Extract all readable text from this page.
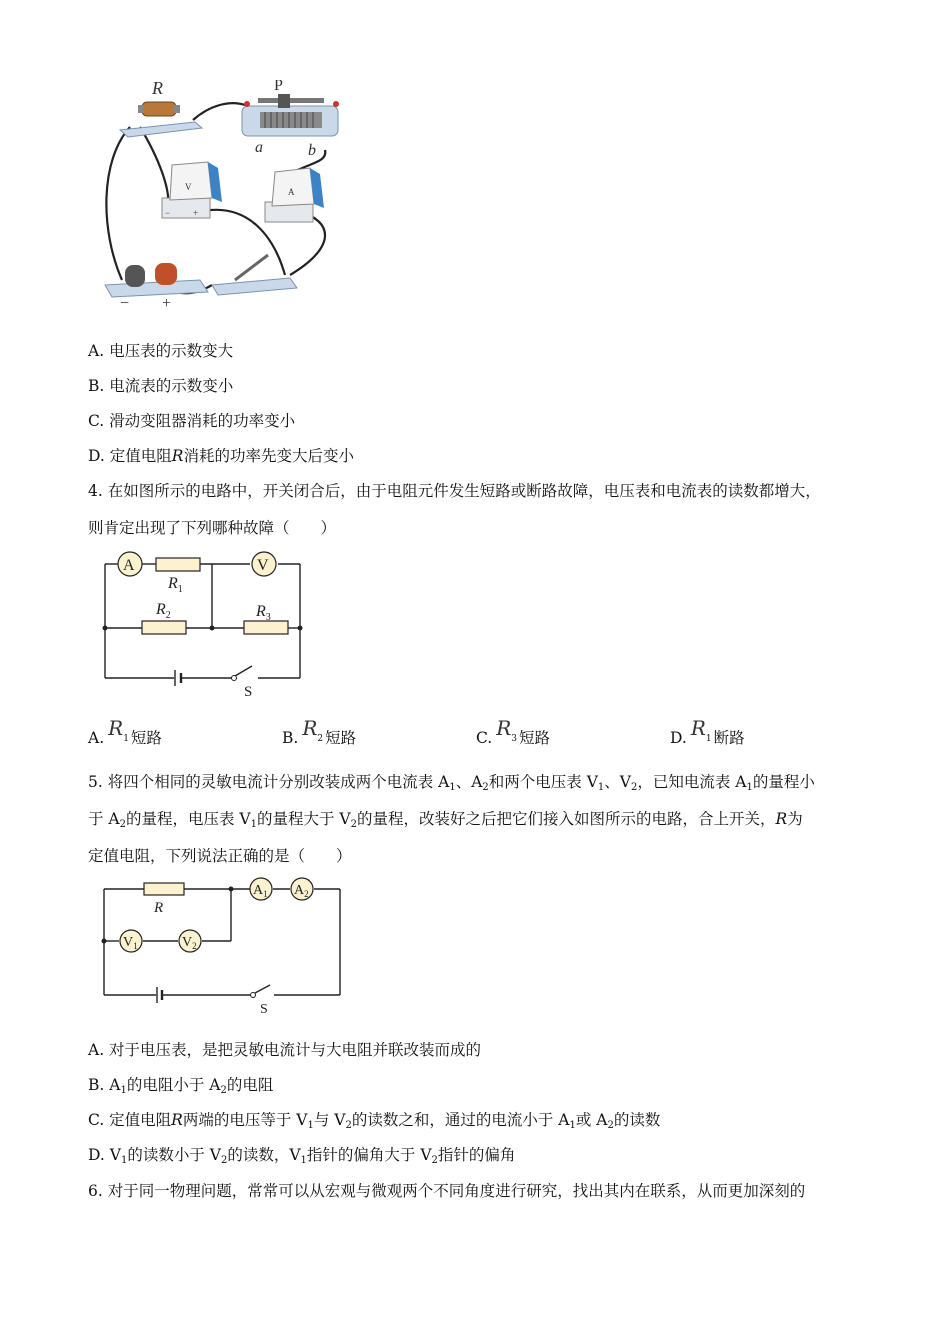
R	P
a	b
V
−	+
A
− +
A. 电压表的示数变大
B. 电流表的示数变小
C. 滑动变阻器消耗的功率变小
D. 定值电阻R消耗的功率先变大后变小
4. 在如图所示的电路中，开关闭合后，由于电阻元件发生短路或断路故障，电压表和电流表的读数都增大，
则肯定出现了下列哪种故障（　　）
A	V
S
$R_1$
$R_2$	$R_3$
A. R1 短路	B. R2 短路	C. R3 短路	D. R1 断路
5. 将四个相同的灵敏电流计分别改装成两个电流表 $A_1$、$A_2$和两个电压表 $V_1$、$V_2$，已知电流表 $A_1$的量程小
于 $A_2$的量程，电压表 $V_1$的量程大于 $V_2$的量程，改装好之后把它们接入如图所示的电路，合上开关，R为
定值电阻，下列说法正确的是（　　）
R
$A_1$ $A_2$
$V_1$	$V_2$
S
A. 对于电压表，是把灵敏电流计与大电阻并联改装而成的
B. $A_1$的电阻小于 $A_2$的电阻
C. 定值电阻R两端的电压等于 $V_1$与 $V_2$的读数之和，通过的电流小于 $A_1$或 $A_2$的读数
D. $V_1$的读数小于 $V_2$的读数，$V_1$指针的偏角大于 $V_2$指针的偏角
6. 对于同一物理问题，常常可以从宏观与微观两个不同角度进行研究，找出其内在联系，从而更加深刻的
